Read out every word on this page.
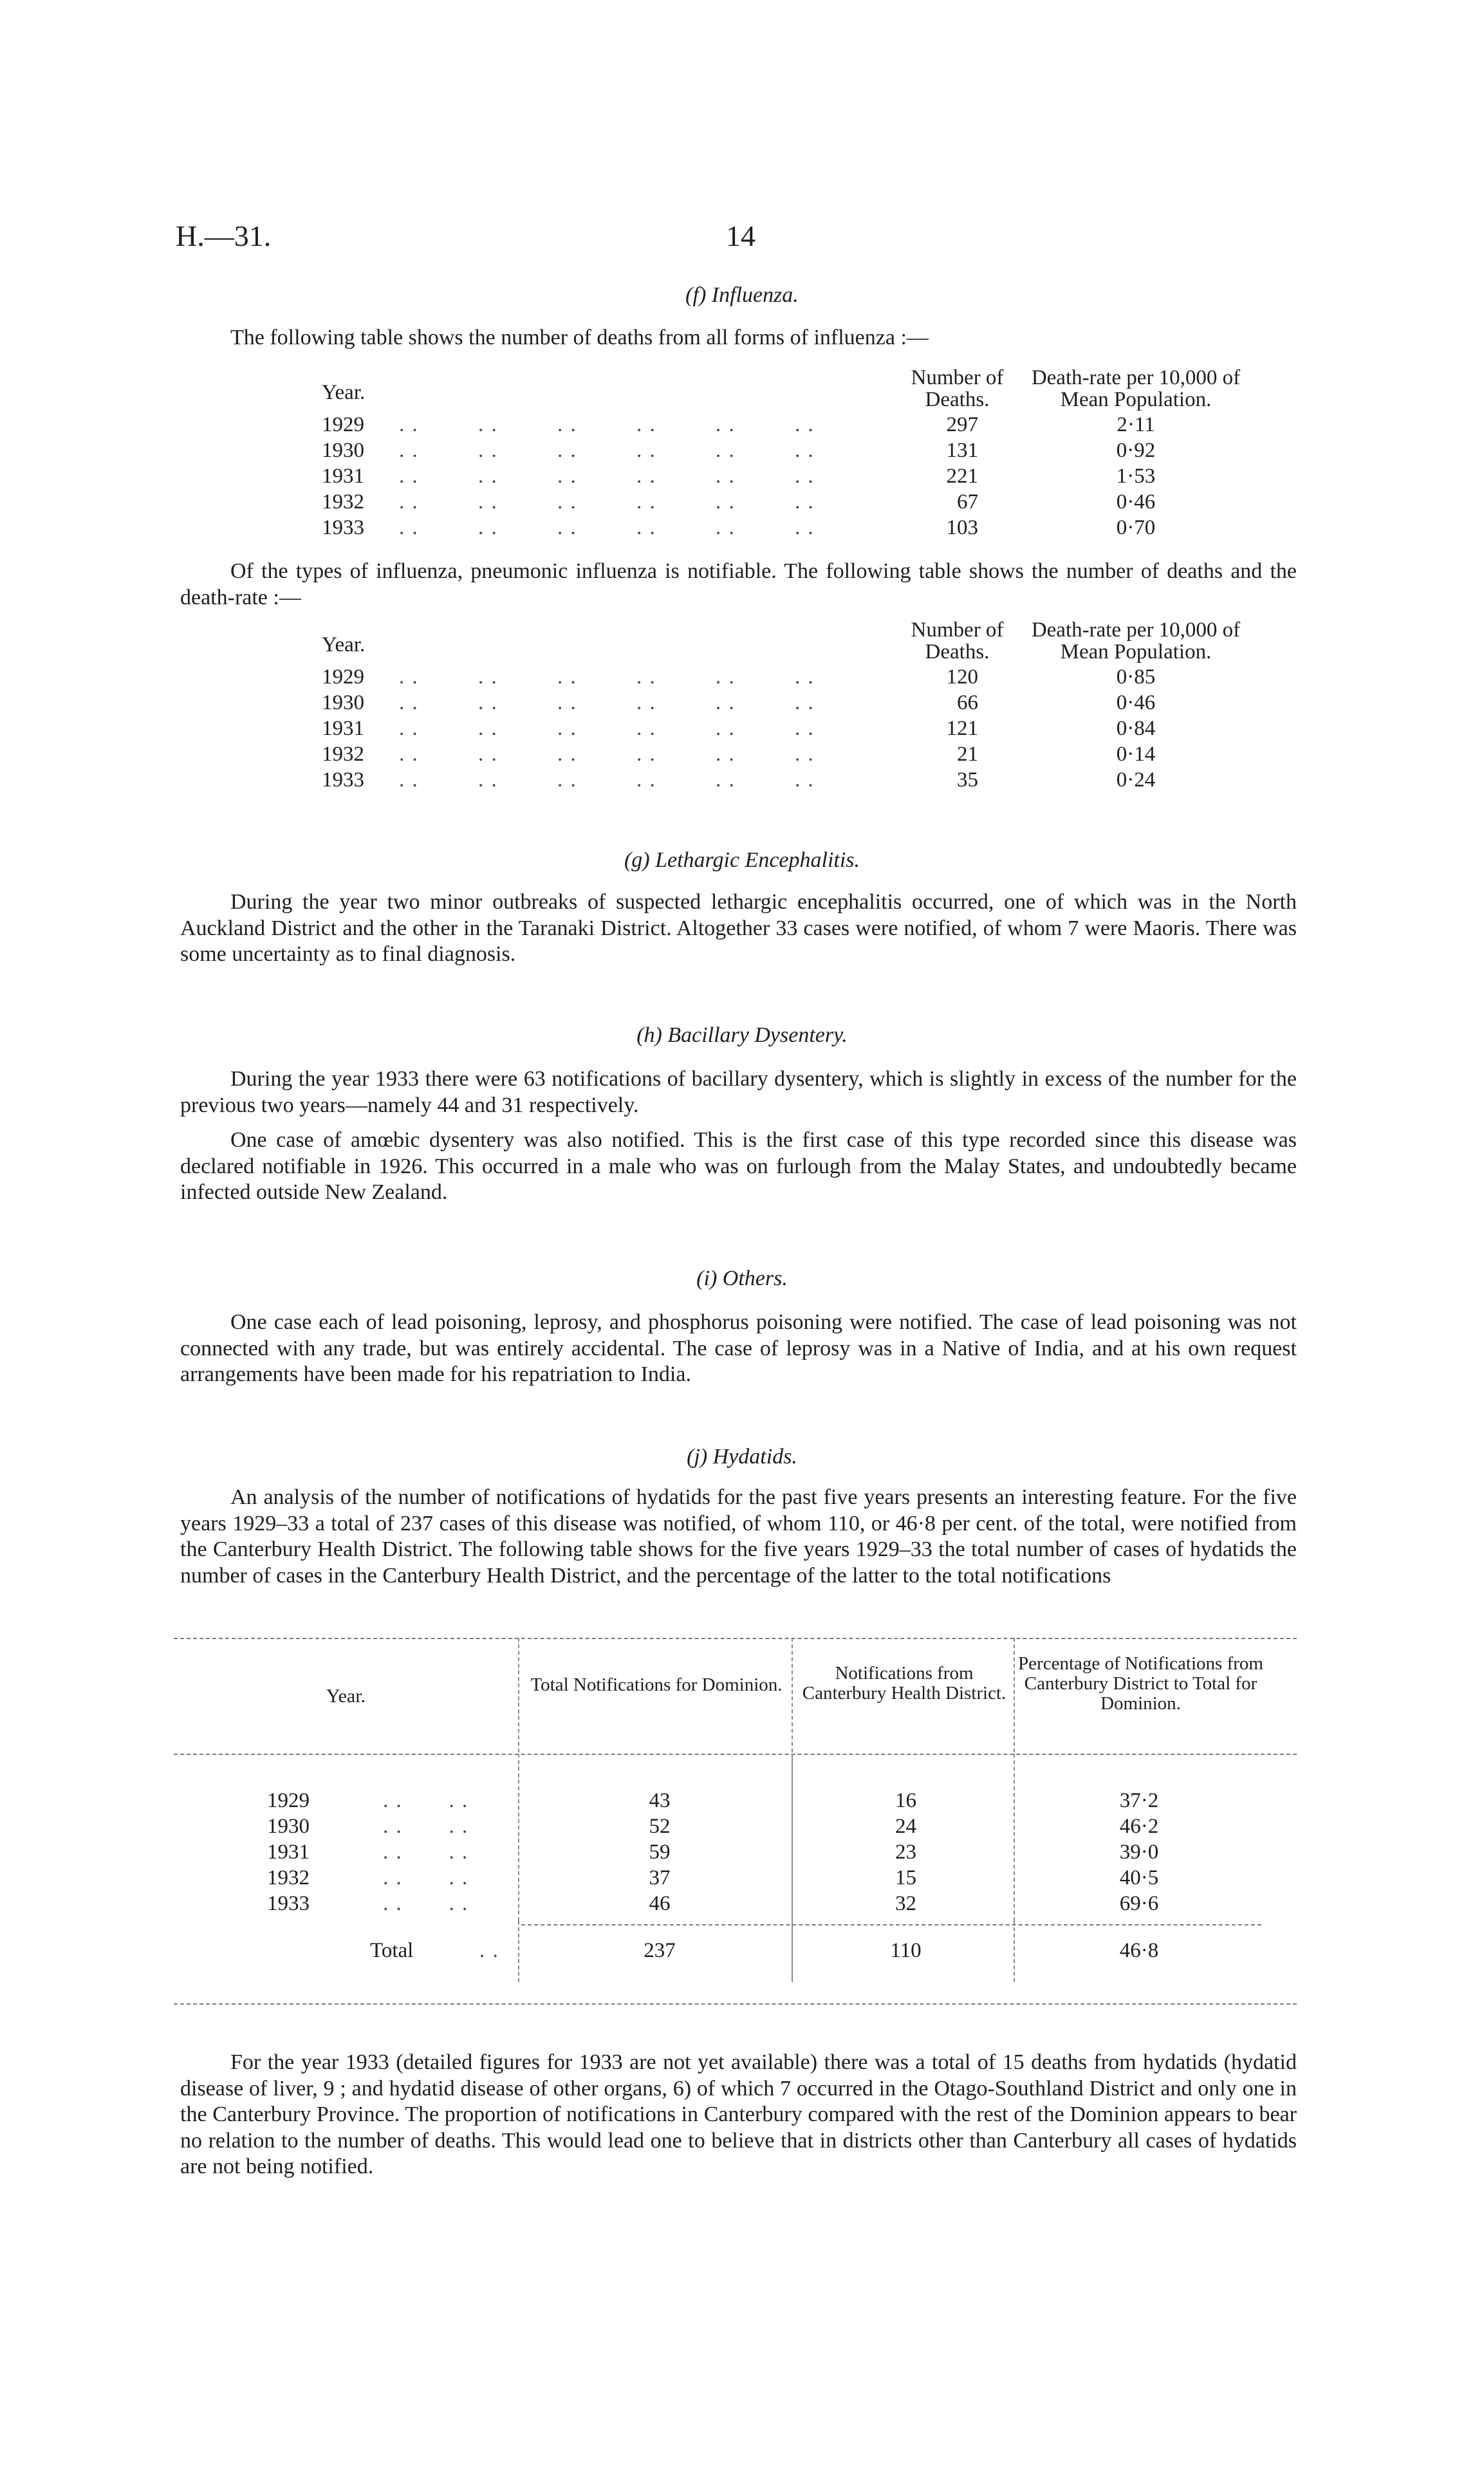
H.—31.	14
(f) Influenza.

The following table shows the number of deaths from all forms of influenza :—

Year.
Number of Deaths.
Death-rate per 10,000 of Mean Population.
1929 . .         . .         . .         . .         . .         . .	297	2·11
1930 . .         . .         . .         . .         . .         . .	131	0·92
1931 . .         . .         . .         . .         . .         . .	221	1·53
1932 . .         . .         . .         . .         . .         . .	67	0·46
1933 . .         . .         . .         . .         . .         . .	103	0·70

Of the types of influenza, pneumonic influenza is notifiable. The following table shows the number of deaths and the death-rate :—

Year.
Number of Deaths.
Death-rate per 10,000 of Mean Population.
1929 . .         . .         . .         . .         . .         . .	120	0·85
1930 . .         . .         . .         . .         . .         . .	66	0·46
1931 . .         . .         . .         . .         . .         . .	121	0·84
1932 . .         . .         . .         . .         . .         . .	21	0·14
1933 . .         . .         . .         . .         . .         . .	35	0·24
(g) Lethargic Encephalitis.

During the year two minor outbreaks of suspected lethargic encephalitis occurred, one of which was in the North Auckland District and the other in the Taranaki District. Altogether 33 cases were notified, of whom 7 were Maoris. There was some uncertainty as to final diagnosis.

(h) Bacillary Dysentery.

During the year 1933 there were 63 notifications of bacillary dysentery, which is slightly in excess of the number for the previous two years—namely 44 and 31 respectively.

One case of amœbic dysentery was also notified. This is the first case of this type recorded since this disease was declared notifiable in 1926. This occurred in a male who was on furlough from the Malay States, and undoubtedly became infected outside New Zealand.

(i) Others.

One case each of lead poisoning, leprosy, and phosphorus poisoning were notified. The case of lead poisoning was not connected with any trade, but was entirely accidental. The case of leprosy was in a Native of India, and at his own request arrangements have been made for his repatriation to India.

(j) Hydatids.

An analysis of the number of notifications of hydatids for the past five years presents an interesting feature. For the five years 1929–33 a total of 237 cases of this disease was notified, of whom 110, or 46·8 per cent. of the total, were notified from the Canterbury Health District. The following table shows for the five years 1929–33 the total number of cases of hydatids the number of cases in the Canterbury Health District, and the percentage of the latter to the total notifications

Year.
Total Notifications for Dominion.
Notifications from Canterbury Health District.
Percentage of Notifications from Canterbury District to Total for Dominion.
1929	. .       . .	43	16	37·2
1930	. .       . .	52	24	46·2
1931	. .       . .	59	23	39·0
1932	. .       . .	37	15	40·5
1933	. .       . .	46	32	69·6
Total	. .	237	110	46·8

For the year 1933 (detailed figures for 1933 are not yet available) there was a total of 15 deaths from hydatids (hydatid disease of liver, 9 ; and hydatid disease of other organs, 6) of which 7 occurred in the Otago-Southland District and only one in the Canterbury Province. The proportion of notifications in Canterbury compared with the rest of the Dominion appears to bear no relation to the number of deaths. This would lead one to believe that in districts other than Canterbury all cases of hydatids are not being notified.
